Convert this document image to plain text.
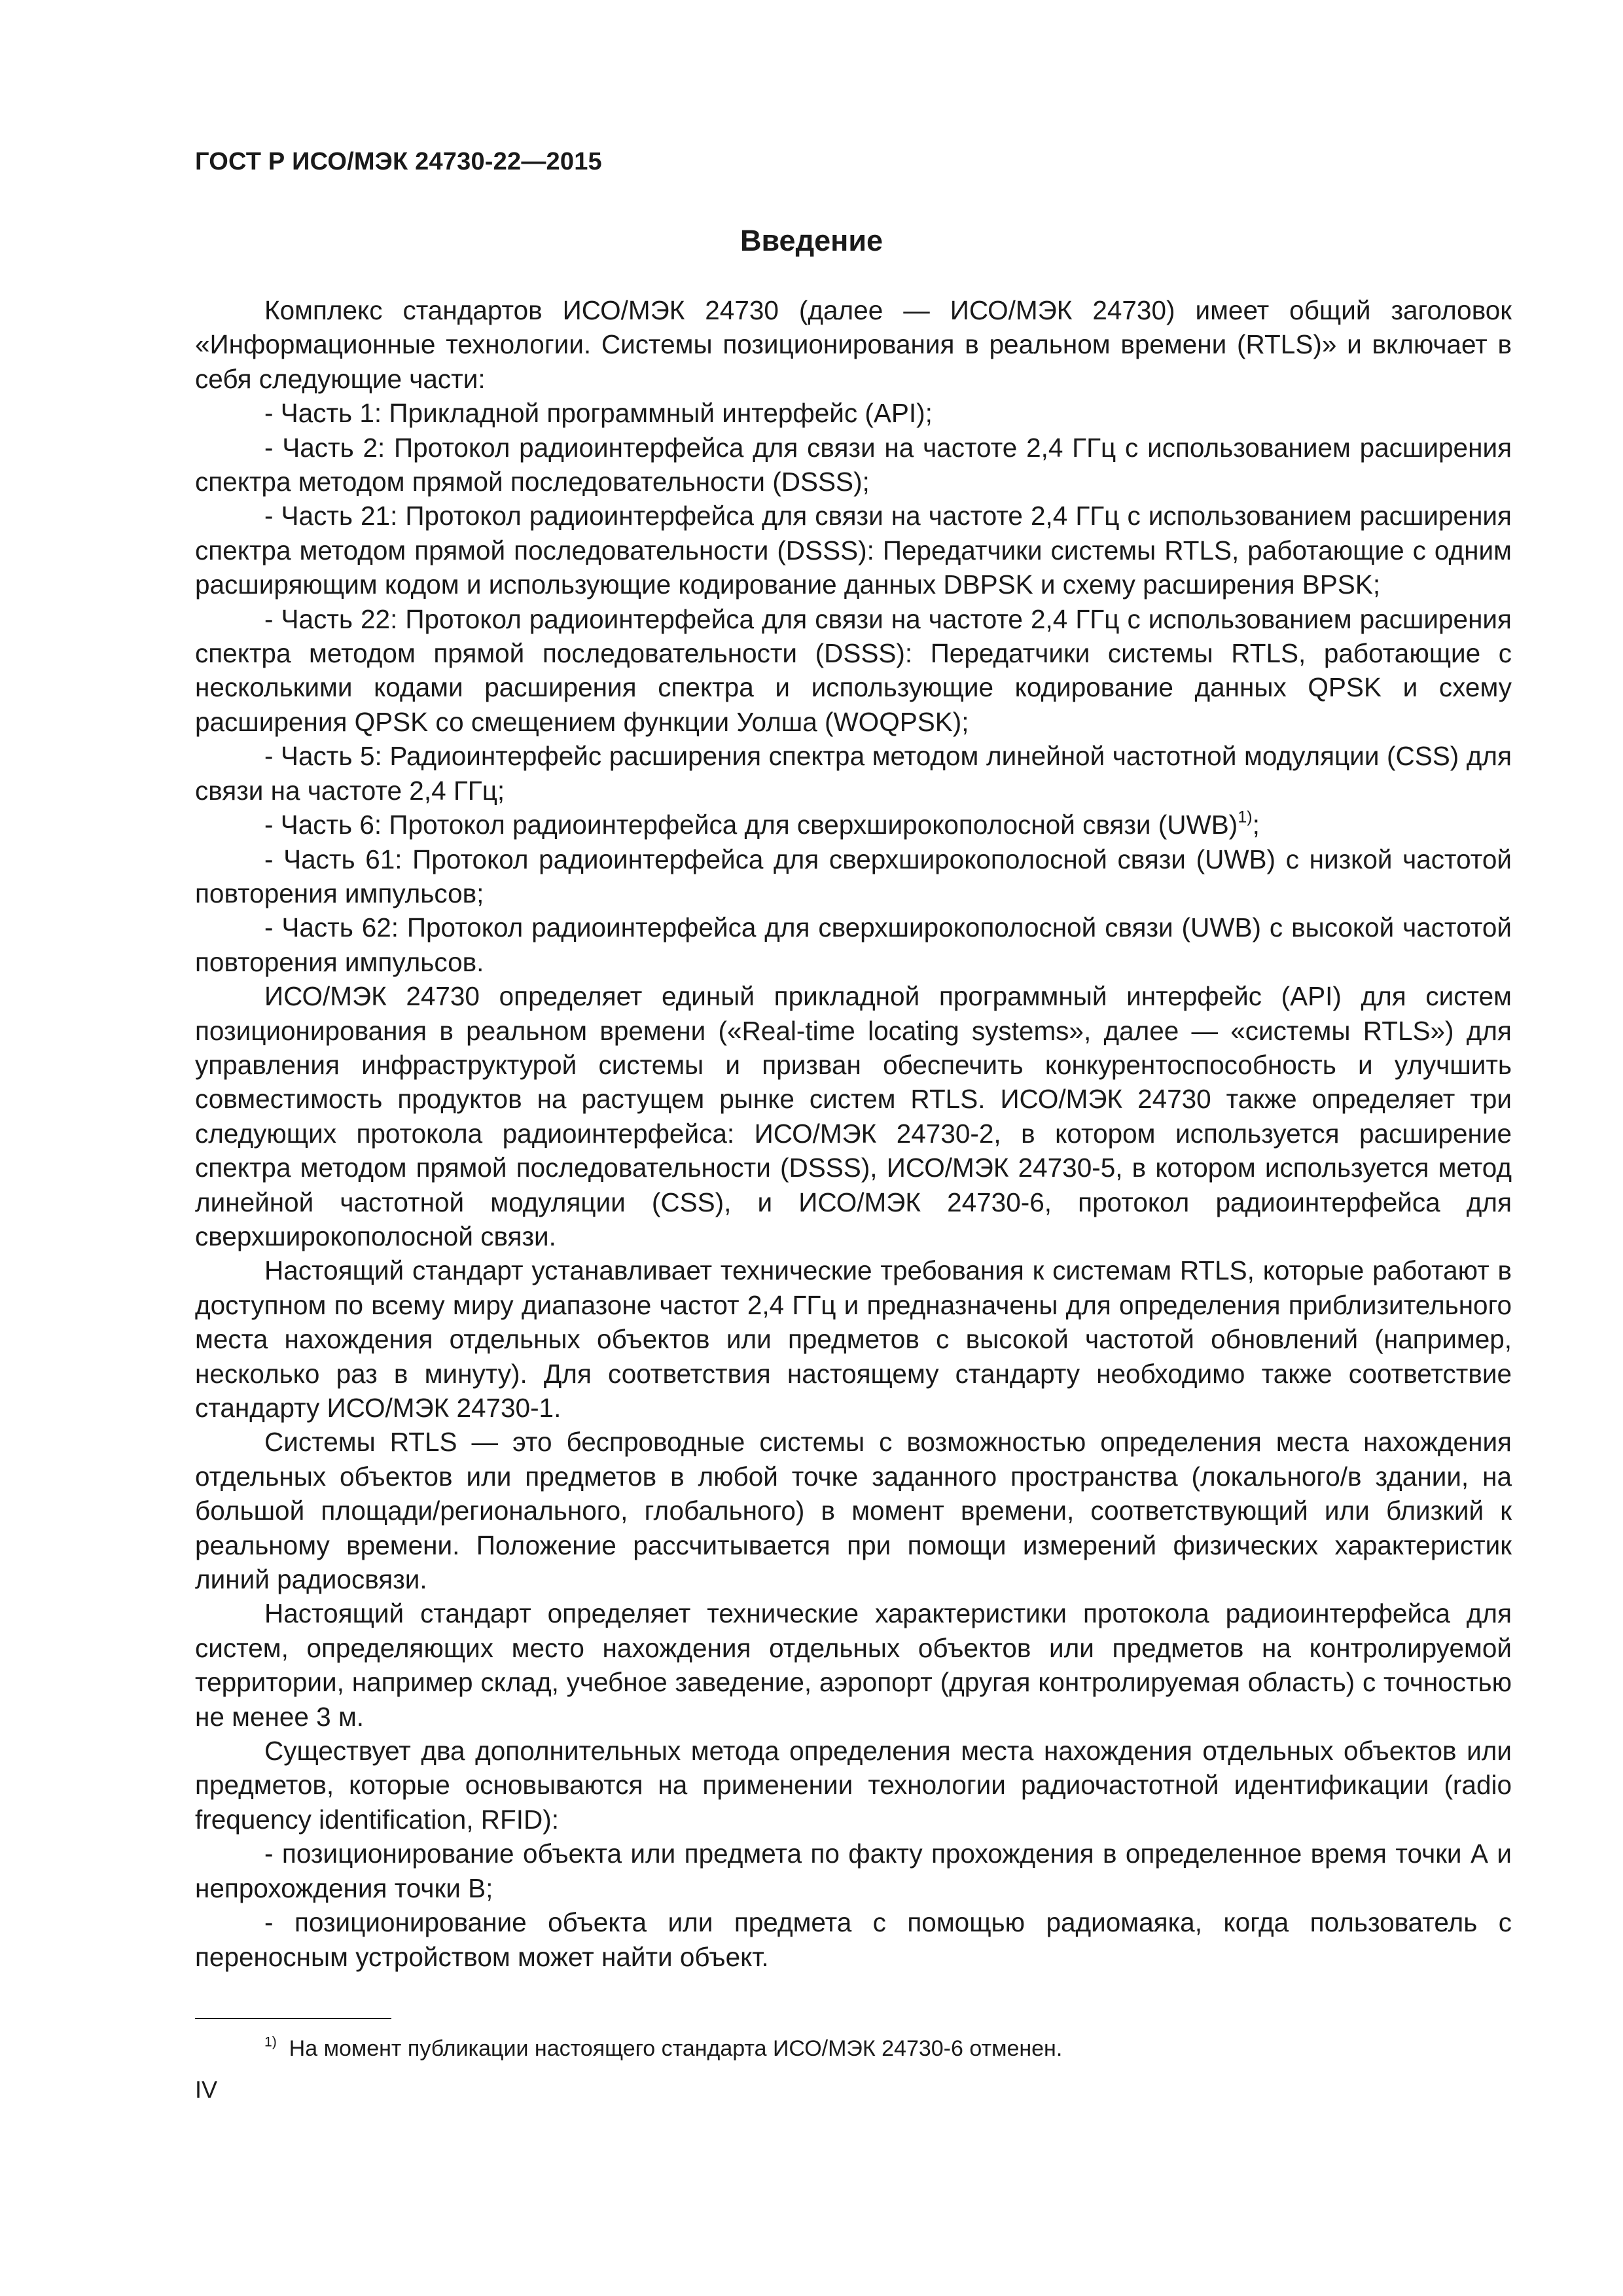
ГОСТ Р ИСО/МЭК 24730-22—2015
Введение

Комплекс стандартов ИСО/МЭК 24730 (далее — ИСО/МЭК 24730) имеет общий заголовок «Информационные технологии. Системы позиционирования в реальном времени (RTLS)» и включает в себя следующие части:

- Часть 1: Прикладной программный интерфейс (API);

- Часть 2: Протокол радиоинтерфейса для связи на частоте 2,4 ГГц с использованием расширения спектра методом прямой последовательности (DSSS);

- Часть 21: Протокол радиоинтерфейса для связи на частоте 2,4 ГГц с использованием расширения спектра методом прямой последовательности (DSSS): Передатчики системы RTLS, работающие с одним расширяющим кодом и использующие кодирование данных DBPSK и схему расширения BPSK;

- Часть 22: Протокол радиоинтерфейса для связи на частоте 2,4 ГГц с использованием расширения спектра методом прямой последовательности (DSSS): Передатчики системы RTLS, работающие с несколькими кодами расширения спектра и использующие кодирование данных QPSK и схему расширения QPSK со смещением функции Уолша (WOQPSK);

- Часть 5: Радиоинтерфейс расширения спектра методом линейной частотной модуляции (CSS) для связи на частоте 2,4 ГГц;

- Часть 6: Протокол радиоинтерфейса для сверхширокополосной связи (UWB)$^{1)}$;

- Часть 61: Протокол радиоинтерфейса для сверхширокополосной связи (UWB) с низкой частотой повторения импульсов;

- Часть 62: Протокол радиоинтерфейса для сверхширокополосной связи (UWB) с высокой частотой повторения импульсов.

ИСО/МЭК 24730 определяет единый прикладной программный интерфейс (API) для систем позиционирования в реальном времени («Real-time locating systems», далее — «системы RTLS») для управления инфраструктурой системы и призван обеспечить конкурентоспособность и улучшить совместимость продуктов на растущем рынке систем RTLS. ИСО/МЭК 24730 также определяет три следующих протокола радиоинтерфейса: ИСО/МЭК 24730-2, в котором используется расширение спектра методом прямой последовательности (DSSS), ИСО/МЭК 24730-5, в котором используется метод линейной частотной модуляции (CSS), и ИСО/МЭК 24730-6, протокол радиоинтерфейса для сверхширокополосной связи.

Настоящий стандарт устанавливает технические требования к системам RTLS, которые работают в доступном по всему миру диапазоне частот 2,4 ГГц и предназначены для определения приблизительного места нахождения отдельных объектов или предметов с высокой частотой обновлений (например, несколько раз в минуту). Для соответствия настоящему стандарту необходимо также соответствие стандарту ИСО/МЭК 24730-1.

Системы RTLS — это беспроводные системы с возможностью определения места нахождения отдельных объектов или предметов в любой точке заданного пространства (локального/в здании, на большой площади/регионального, глобального) в момент времени, соответствующий или близкий к реальному времени. Положение рассчитывается при помощи измерений физических характеристик линий радиосвязи.

Настоящий стандарт определяет технические характеристики протокола радиоинтерфейса для систем, определяющих место нахождения отдельных объектов или предметов на контролируемой территории, например склад, учебное заведение, аэропорт (другая контролируемая область) с точностью не менее 3 м.

Существует два дополнительных метода определения места нахождения отдельных объектов или предметов, которые основываются на применении технологии радиочастотной идентификации (radio frequency identification, RFID):

- позиционирование объекта или предмета по факту прохождения в определенное время точки А и непрохождения точки В;

- позиционирование объекта или предмета с помощью радиомаяка, когда пользователь с переносным устройством может найти объект.

$^{1)}$ На момент публикации настоящего стандарта ИСО/МЭК 24730-6 отменен.
IV
